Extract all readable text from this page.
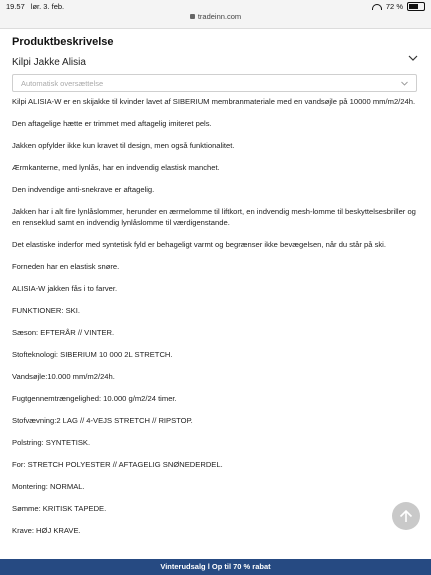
19.57 lør. 3. feb.
tradeinn.com
72 %
Produktbeskrivelse
Kilpi Jakke Alisia
Automatisk oversættelse

Kilpi ALISIA-W er en skijakke til kvinder lavet af SIBERIUM membranmateriale med en vandsøjle på 10000 mm/m2/24h.

Den aftagelige hætte er trimmet med aftagelig imiteret pels.

Jakken opfylder ikke kun kravet til design, men også funktionalitet.

Ærmkanterne, med lynlås, har en indvendig elastisk manchet.

Den indvendige anti-snekrave er aftagelig.

Jakken har i alt fire lynlåslommer, herunder en ærmelomme til liftkort, en indvendig mesh-lomme til beskyttelsesbriller og en renseklud samt en indvendig lynlåslomme til værdigenstande.

Det elastiske inderfor med syntetisk fyld er behageligt varmt og begrænser ikke bevægelsen, når du står på ski.

Forneden har en elastisk snøre.

ALISIA-W jakken fås i to farver.

FUNKTIONER: SKI.

Sæson: EFTERÅR // VINTER.

Stofteknologi: SIBERIUM 10 000 2L STRETCH.

Vandsøjle:10.000 mm/m2/24h.

Fugtgennemtrængelighed: 10.000 g/m2/24 timer.

Stofvævning:2 LAG // 4-VEJS STRETCH // RIPSTOP.

Polstring: SYNTETISK.

For: STRETCH POLYESTER // AFTAGELIG SNØNEDERDEL.

Montering: NORMAL.

Sømme: KRITISK TAPEDE.

Krave: HØJ KRAVE.

Vinterudsalg l Op til 70 % rabat
